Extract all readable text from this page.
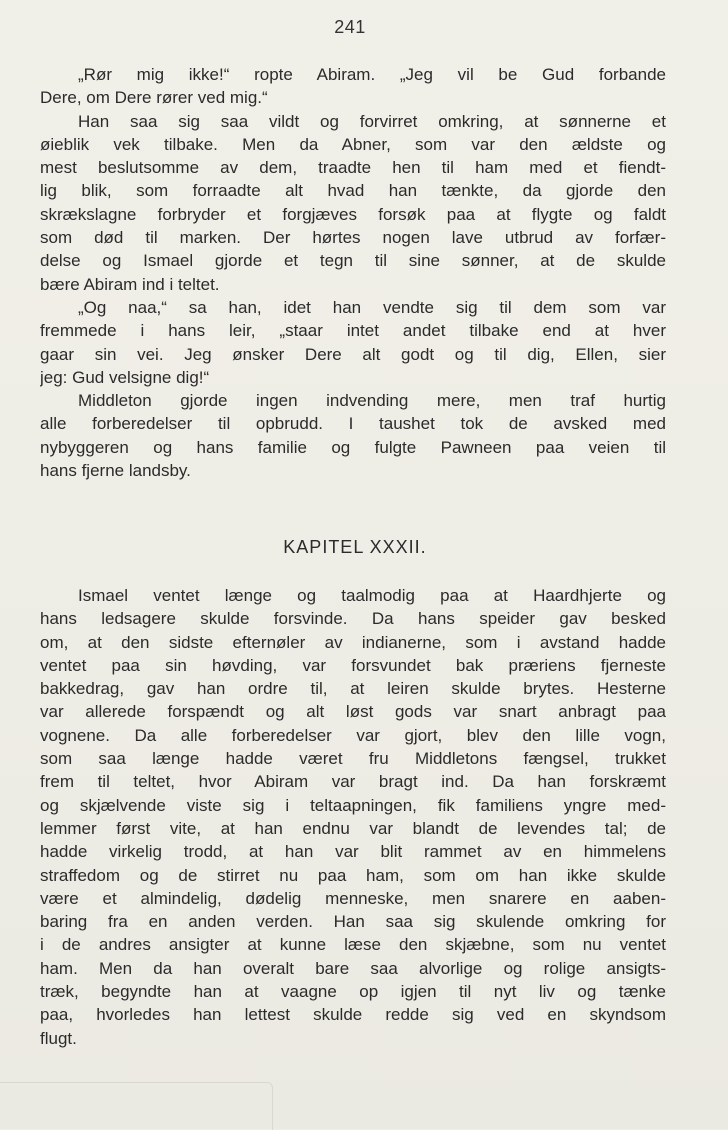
241
„Rør mig ikke!“ ropte Abiram. „Jeg vil be Gud forbande
Dere, om Dere rører ved mig.“
Han saa sig saa vildt og forvirret omkring, at sønnerne et
øieblik vek tilbake. Men da Abner, som var den ældste og
mest beslutsomme av dem, traadte hen til ham med et fiendt-
lig blik, som forraadte alt hvad han tænkte, da gjorde den
skrækslagne forbryder et forgjæves forsøk paa at flygte og faldt
som død til marken. Der hørtes nogen lave utbrud av forfær-
delse og Ismael gjorde et tegn til sine sønner, at de skulde
bære Abiram ind i teltet.
„Og naa,“ sa han, idet han vendte sig til dem som var
fremmede i hans leir, „staar intet andet tilbake end at hver
gaar sin vei. Jeg ønsker Dere alt godt og til dig, Ellen, sier
jeg: Gud velsigne dig!“
Middleton gjorde ingen indvending mere, men traf hurtig
alle forberedelser til opbrudd. I taushet tok de avsked med
nybyggeren og hans familie og fulgte Pawneen paa veien til
hans fjerne landsby.
KAPITEL XXXII.
Ismael ventet længe og taalmodig paa at Haardhjerte og
hans ledsagere skulde forsvinde. Da hans speider gav besked
om, at den sidste efternøler av indianerne, som i avstand hadde
ventet paa sin høvding, var forsvundet bak præriens fjerneste
bakkedrag, gav han ordre til, at leiren skulde brytes. Hesterne
var allerede forspændt og alt løst gods var snart anbragt paa
vognene. Da alle forberedelser var gjort, blev den lille vogn,
som saa længe hadde været fru Middletons fængsel, trukket
frem til teltet, hvor Abiram var bragt ind. Da han forskræmt
og skjælvende viste sig i teltaapningen, fik familiens yngre med-
lemmer først vite, at han endnu var blandt de levendes tal; de
hadde virkelig trodd, at han var blit rammet av en himmelens
straffedom og de stirret nu paa ham, som om han ikke skulde
være et almindelig, dødelig menneske, men snarere en aaben-
baring fra en anden verden. Han saa sig skulende omkring for
i de andres ansigter at kunne læse den skjæbne, som nu ventet
ham. Men da han overalt bare saa alvorlige og rolige ansigts-
træk, begyndte han at vaagne op igjen til nyt liv og tænke
paa, hvorledes han lettest skulde redde sig ved en skyndsom
flugt.
